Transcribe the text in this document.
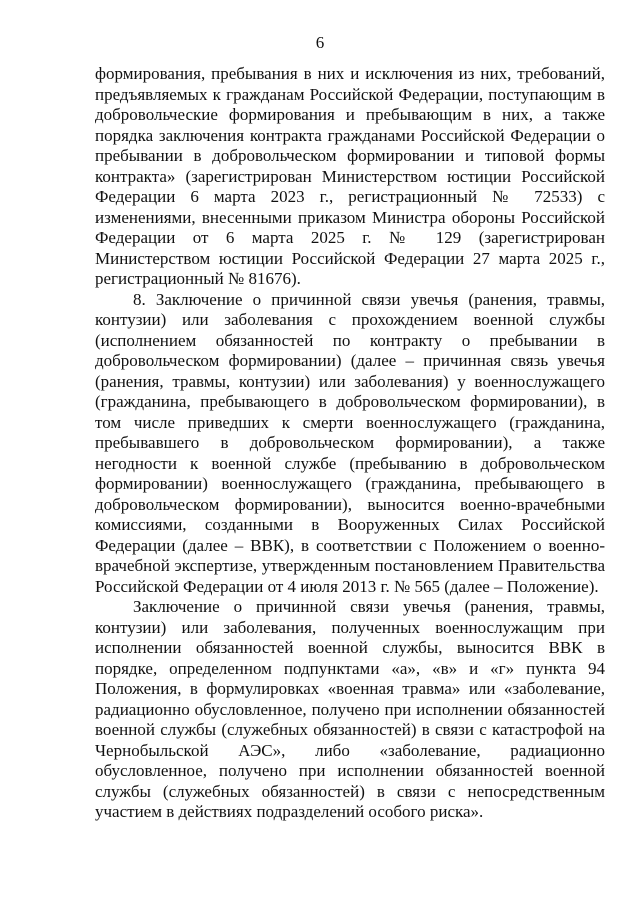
6

формирования, пребывания в них и исключения из них, требований, предъявляемых к гражданам Российской Федерации, поступающим в добровольческие формирования и пребывающим в них, а также порядка заключения контракта гражданами Российской Федерации о пребывании в добровольческом формировании и типовой формы контракта» (зарегистрирован Министерством юстиции Российской Федерации 6 марта 2023 г., регистрационный № 72533) с изменениями, внесенными приказом Министра обороны Российской Федерации от 6 марта 2025 г. № 129 (зарегистрирован Министерством юстиции Российской Федерации 27 марта 2025 г., регистрационный № 81676).

8. Заключение о причинной связи увечья (ранения, травмы, контузии) или заболевания с прохождением военной службы (исполнением обязанностей по контракту о пребывании в добровольческом формировании) (далее – причинная связь увечья (ранения, травмы, контузии) или заболевания) у военнослужащего (гражданина, пребывающего в добровольческом формировании), в том числе приведших к смерти военнослужащего (гражданина, пребывавшего в добровольческом формировании), а также негодности к военной службе (пребыванию в добровольческом формировании) военнослужащего (гражданина, пребывающего в добровольческом формировании), выносится военно-врачебными комиссиями, созданными в Вооруженных Силах Российской Федерации (далее – ВВК), в соответствии с Положением о военно-врачебной экспертизе, утвержденным постановлением Правительства Российской Федерации от 4 июля 2013 г. № 565 (далее – Положение).

Заключение о причинной связи увечья (ранения, травмы, контузии) или заболевания, полученных военнослужащим при исполнении обязанностей военной службы, выносится ВВК в порядке, определенном подпунктами «а», «в» и «г» пункта 94 Положения, в формулировках «военная травма» или «заболевание, радиационно обусловленное, получено при исполнении обязанностей военной службы (служебных обязанностей) в связи с катастрофой на Чернобыльской АЭС», либо «заболевание, радиационно обусловленное, получено при исполнении обязанностей военной службы (служебных обязанностей) в связи с непосредственным участием в действиях подразделений особого риска».
